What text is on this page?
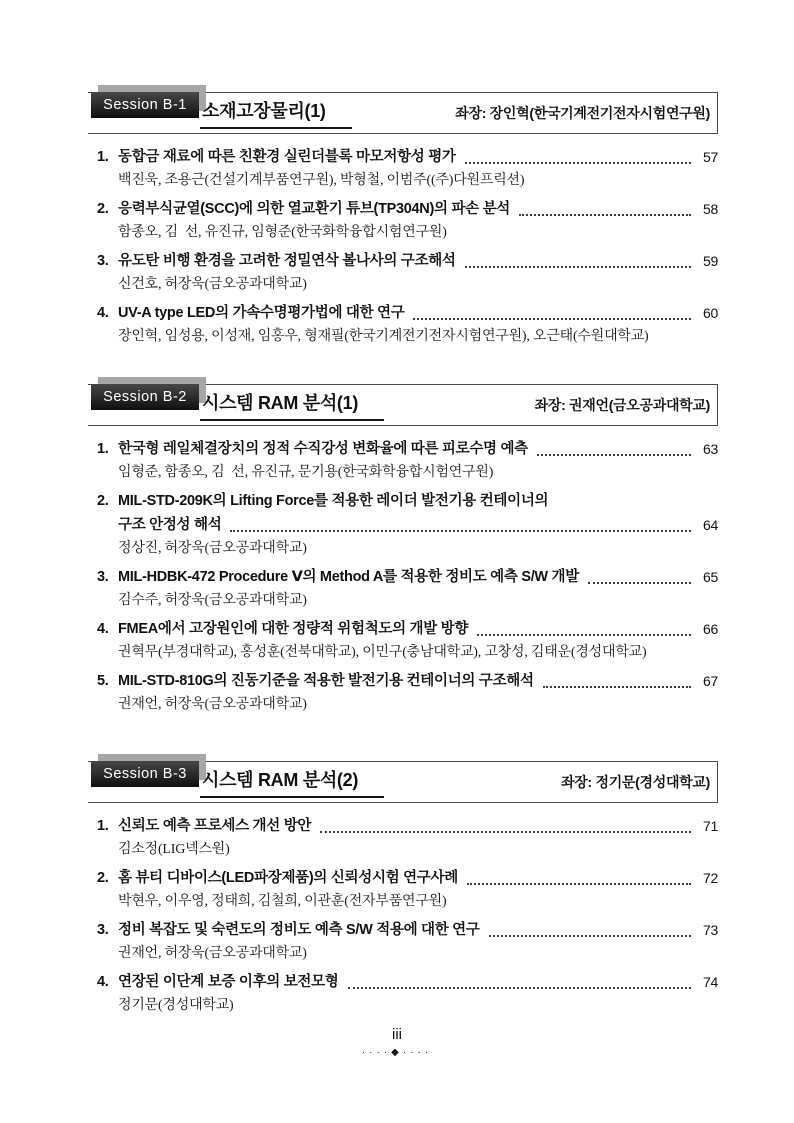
Session B-1 소재고장물리(1)	좌장: 장인혁(한국기계전기전자시험연구원)
1. 동합금 재료에 따른 친환경 실린더블록 마모저항성 평가	57
백진욱, 조용근(건설기계부품연구원), 박형철, 이범주((주)다원프릭션)
2. 응력부식균열(SCC)에 의한 열교환기 튜브(TP304N)의 파손 분석	58
함종오, 김 선, 유진규, 임형준(한국화학융합시험연구원)
3. 유도탄 비행 환경을 고려한 정밀연삭 볼나사의 구조해석	59
신건호, 허장욱(금오공과대학교)
4. UV-A type LED의 가속수명평가법에 대한 연구	60
장인혁, 임성용, 이성재, 임홍우, 형재필(한국기계전기전자시험연구원), 오근태(수원대학교)
Session B-2 시스템 RAM 분석(1)	좌장: 권재언(금오공과대학교)
1. 한국형 레일체결장치의 정적 수직강성 변화율에 따른 피로수명 예측	63
임형준, 함종오, 김 선, 유진규, 문기용(한국화학융합시험연구원)
2. MIL-STD-209K의 Lifting Force를 적용한 레이더 발전기용 컨테이너의
구조 안정성 해석	64
정상진, 허장욱(금오공과대학교)
3. MIL-HDBK-472 Procedure Ⅴ의 Method A를 적용한 정비도 예측 S/W 개발	65
김수주, 허장욱(금오공과대학교)
4. FMEA에서 고장원인에 대한 정량적 위험척도의 개발 방향	66
권혁무(부경대학교), 홍성훈(전북대학교), 이민구(충남대학교), 고창성, 김태운(경성대학교)
5. MIL-STD-810G의 진동기준을 적용한 발전기용 컨테이너의 구조해석	67
권재언, 허장욱(금오공과대학교)
Session B-3 시스템 RAM 분석(2)	좌장: 정기문(경성대학교)
1. 신뢰도 예측 프로세스 개선 방안	71
김소정(LIG넥스원)
2. 홈 뷰티 디바이스(LED파장제품)의 신뢰성시험 연구사례	72
박현우, 이우영, 정태희, 김철희, 이관훈(전자부품연구원)
3. 정비 복잡도 및 숙련도의 정비도 예측 S/W 적용에 대한 연구	73
권재언, 허장욱(금오공과대학교)
4. 연장된 이단계 보증 이후의 보전모형	74
정기문(경성대학교)
iii
····◆····
